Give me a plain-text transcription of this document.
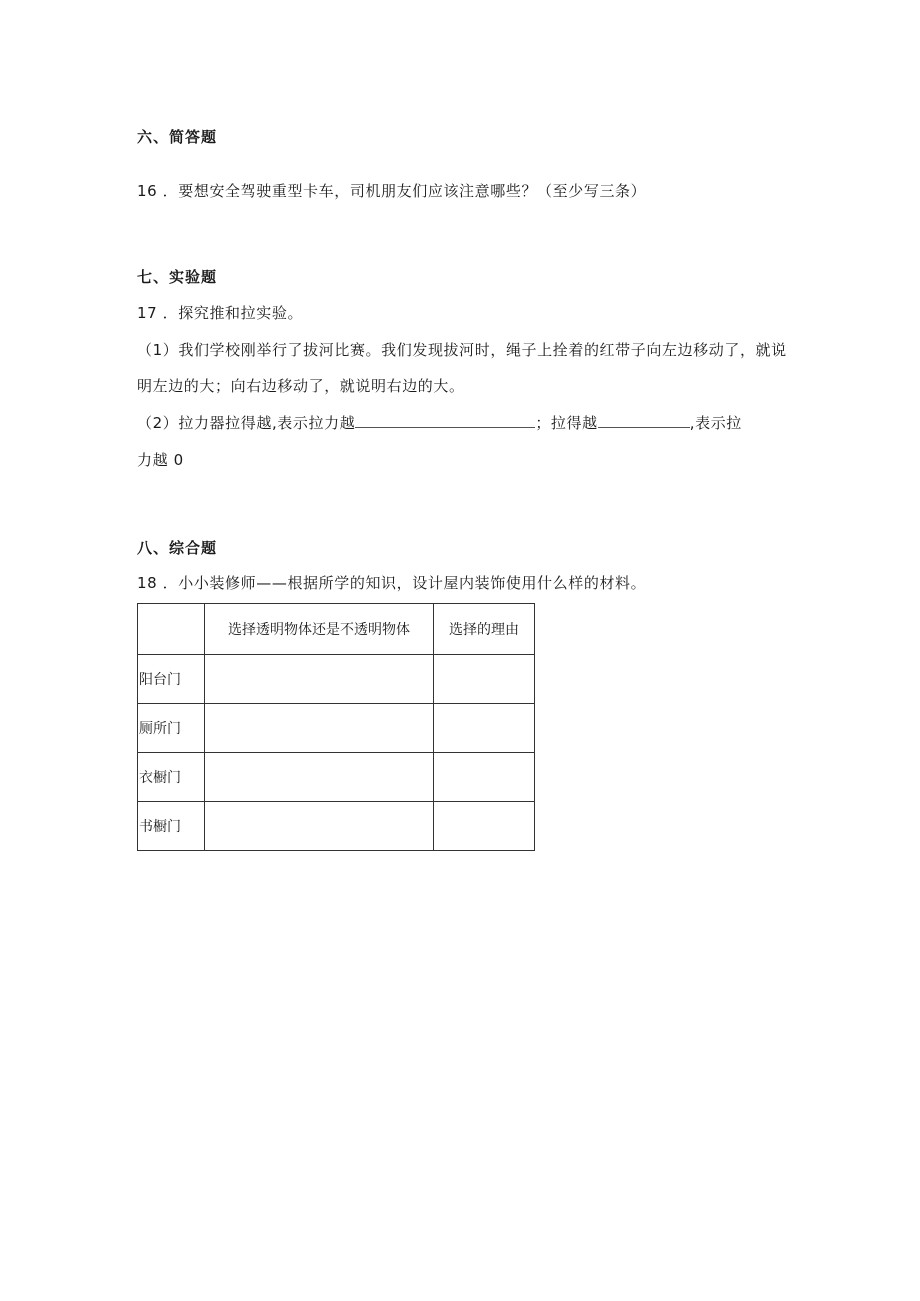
六、简答题
16 ．要想安全驾驶重型卡车，司机朋友们应该注意哪些？（至少写三条）
七、实验题
17 ．探究推和拉实验。
（1）我们学校刚举行了拔河比赛。我们发现拔河时，绳子上拴着的红带子向左边移动了，就说
明左边的大；向右边移动了，就说明右边的大。
（2）拉力器拉得越,表示拉力越	；拉得越	,表示拉
力越 0
八、综合题
18 ．小小装修师——根据所学的知识，设计屋内装饰使用什么样的材料。
	选择透明物体还是不透明物体	选择的理由
阳台门		
厕所门		
衣橱门		
书橱门		
